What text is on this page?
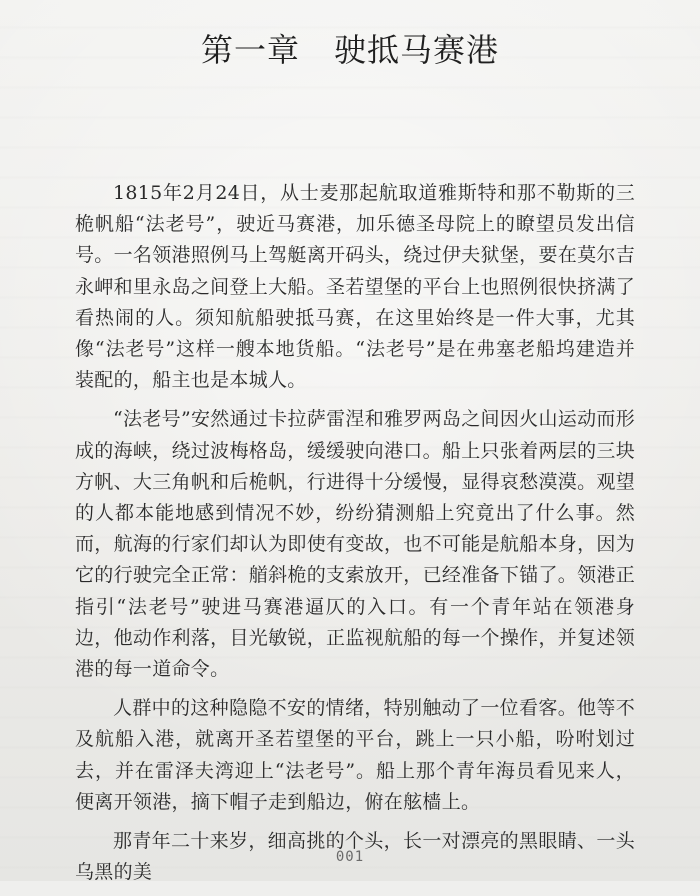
第一章 驶抵马赛港

1815年2月24日，从士麦那起航取道雅斯特和那不勒斯的三桅帆船“法老号”，驶近马赛港，加乐德圣母院上的瞭望员发出信号。一名领港照例马上驾艇离开码头，绕过伊夫狱堡，要在莫尔吉永岬和里永岛之间登上大船。圣若望堡的平台上也照例很快挤满了看热闹的人。须知航船驶抵马赛，在这里始终是一件大事，尤其像“法老号”这样一艘本地货船。“法老号”是在弗塞老船坞建造并装配的，船主也是本城人。

“法老号”安然通过卡拉萨雷涅和雅罗两岛之间因火山运动而形成的海峡，绕过波梅格岛，缓缓驶向港口。船上只张着两层的三块方帆、大三角帆和后桅帆，行进得十分缓慢，显得哀愁漠漠。观望的人都本能地感到情况不妙，纷纷猜测船上究竟出了什么事。然而，航海的行家们却认为即使有变故，也不可能是航船本身，因为它的行驶完全正常：艏斜桅的支索放开，已经准备下锚了。领港正指引“法老号”驶进马赛港逼仄的入口。有一个青年站在领港身边，他动作利落，目光敏锐，正监视航船的每一个操作，并复述领港的每一道命令。

人群中的这种隐隐不安的情绪，特别触动了一位看客。他等不及航船入港，就离开圣若望堡的平台，跳上一只小船，吩咐划过去，并在雷泽夫湾迎上“法老号”。船上那个青年海员看见来人，便离开领港，摘下帽子走到船边，俯在舷樯上。

那青年二十来岁，细高挑的个头，长一对漂亮的黑眼睛、一头乌黑的美

001
